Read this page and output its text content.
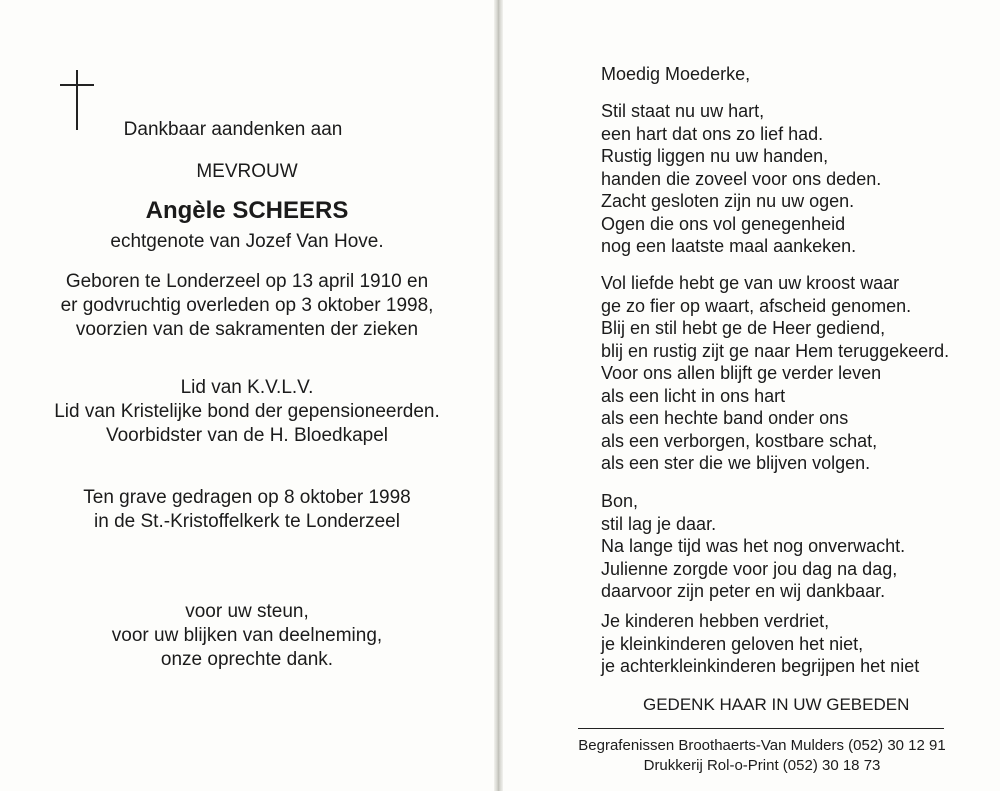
Dankbaar aandenken aan
MEVROUW
Angèle SCHEERS
echtgenote van Jozef Van Hove.
Geboren te Londerzeel op 13 april 1910 en
er godvruchtig overleden op 3 oktober 1998,
voorzien van de sakramenten der zieken
Lid van K.V.L.V.
Lid van Kristelijke bond der gepensioneerden.
Voorbidster van de H. Bloedkapel
Ten grave gedragen op 8 oktober 1998
in de St.-Kristoffelkerk te Londerzeel
voor uw steun,
voor uw blijken van deelneming,
onze oprechte dank.
Moedig Moederke,
Stil staat nu uw hart,
een hart dat ons zo lief had.
Rustig liggen nu uw handen,
handen die zoveel voor ons deden.
Zacht gesloten zijn nu uw ogen.
Ogen die ons vol genegenheid
nog een laatste maal aankeken.
Vol liefde hebt ge van uw kroost waar
ge zo fier op waart, afscheid genomen.
Blij en stil hebt ge de Heer gediend,
blij en rustig zijt ge naar Hem teruggekeerd.
Voor ons allen blijft ge verder leven
als een licht in ons hart
als een hechte band onder ons
als een verborgen, kostbare schat,
als een ster die we blijven volgen.
Bon,
stil lag je daar.
Na lange tijd was het nog onverwacht.
Julienne zorgde voor jou dag na dag,
daarvoor zijn peter en wij dankbaar.
Je kinderen hebben verdriet,
je kleinkinderen geloven het niet,
je achterkleinkinderen begrijpen het niet
GEDENK HAAR IN UW GEBEDEN
Begrafenissen Broothaerts-Van Mulders (052) 30 12 91
Drukkerij Rol-o-Print (052) 30 18 73
